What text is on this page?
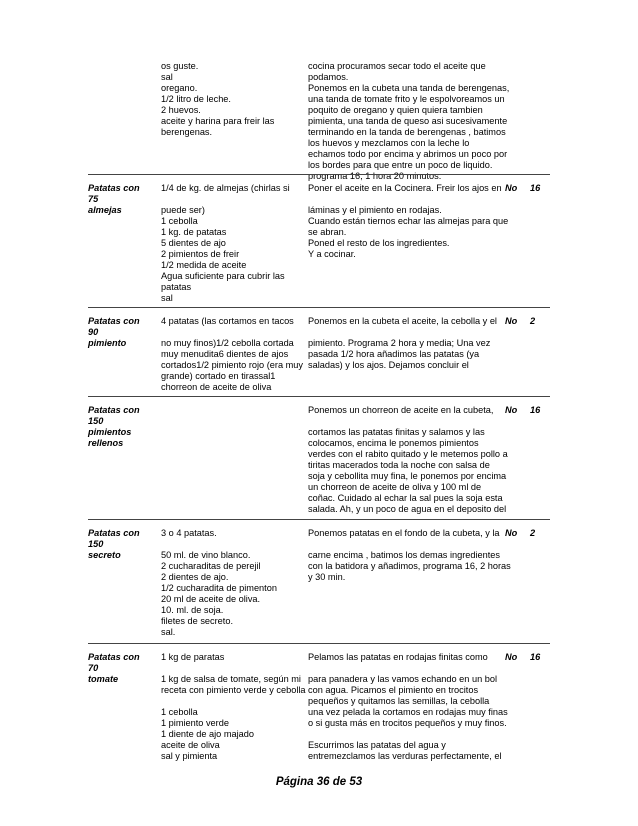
os guste.
sal
oregano.
1/2 litro de leche.
2 huevos.
aceite y harina para freir las
berengenas.
cocina procuramos secar todo el aceite que
podamos.
Ponemos en la cubeta una tanda de berengenas,
una tanda de tomate frito y le espolvoreamos un
poquito de oregano y quien quiera tambien
pimienta, una tanda de queso asi sucesivamente
terminando en la tanda de berengenas , batimos
los huevos y mezclamos con la leche lo
echamos todo por encima y abrimos un poco por
los bordes para que entre un poco de liquido.
programa 16, 1 hora 20 minutos.
Patatas con
75
almejas
1/4 de kg. de almejas (chirlas si
puede ser)
1 cebolla
1 kg. de patatas
5 dientes de ajo
2 pimientos de freir
1/2 medida de aceite
Agua suficiente para cubrir las
patatas
sal
Poner el aceite en la Cocinera. Freir los ajos en
láminas y el pimiento en rodajas.
Cuando están tiernos echar las almejas para que
se abran.
Poned el resto de los ingredientes.
Y a cocinar.
No 16
Patatas con
90
pimiento
4 patatas (las cortamos en tacos
no muy finos)1/2 cebolla cortada
muy menudita6 dientes de ajos
cortados1/2 pimiento rojo (era muy
grande) cortado en tirassal1
chorreon de aceite de oliva
Ponemos en la cubeta el aceite, la cebolla y el
pimiento. Programa 2 hora y media; Una vez
pasada 1/2 hora añadimos las patatas (ya
saladas) y los ajos. Dejamos concluir el
No 2
Patatas con
150
pimientos
rellenos
Ponemos un chorreon de aceite en la cubeta,
cortamos las patatas finitas y salamos y las
colocamos, encima le ponemos pimientos
verdes con el rabito quitado y le metemos pollo a
tiritas macerados toda la noche con salsa de
soja y cebollita muy fina, le ponemos por encima
un chorreon de aceite de oliva y 100 ml de
coñac. Cuidado al echar la sal pues la soja esta
salada. Ah, y un poco de agua en el deposito del
No 16
Patatas con
150
secreto
3 o 4 patatas.
50 ml. de vino blanco.
2 cucharaditas de perejil
2 dientes de ajo.
1/2 cucharadita de pimenton
20 ml de aceite de oliva.
10. ml. de soja.
filetes de secreto.
sal.
Ponemos patatas en el fondo de la cubeta, y la
carne encima , batimos los demas ingredientes
con la batidora y añadimos, programa 16, 2 horas
y 30 min.
No 2
Patatas con
70
tomate
1 kg de paratas
1 kg de salsa de tomate, según mi
receta con pimiento verde y cebolla
1 cebolla
1 pimiento verde
1 diente de ajo majado
aceite de oliva
sal y pimienta
Pelamos las patatas en rodajas finitas como
para panadera y las vamos echando en un bol
con agua. Picamos el pimiento en trocitos
pequeños y quitamos las semillas, la cebolla
una vez pelada la cortamos en rodajas muy finas
o si gusta más en trocitos pequeños y muy finos.
Escurrimos las patatas del agua y
entremezclamos las verduras perfectamente, el
No 16
Página 36 de 53
